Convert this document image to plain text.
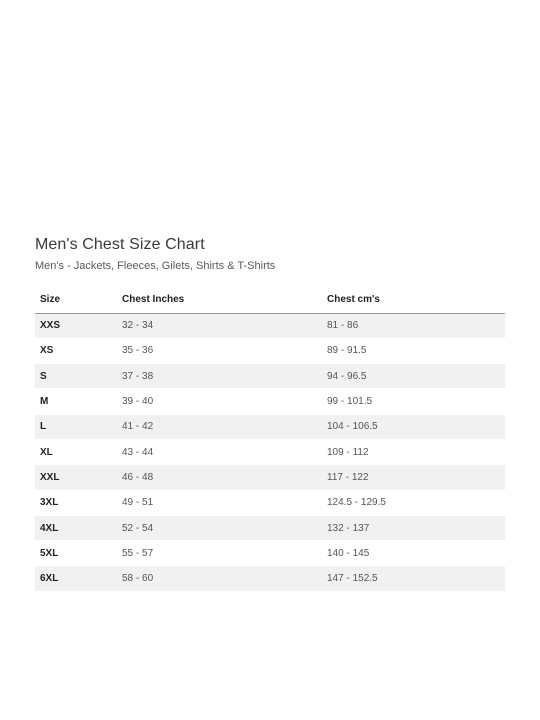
Men's Chest Size Chart
Men's - Jackets, Fleeces, Gilets, Shirts & T-Shirts
Size	Chest Inches	Chest cm's
XXS	32 - 34	81 - 86
XS	35 - 36	89 - 91.5
S	37 - 38	94 - 96.5
M	39 - 40	99 - 101.5
L	41 - 42	104 - 106.5
XL	43 - 44	109 - 112
XXL	46 - 48	117 - 122
3XL	49 - 51	124.5 - 129.5
4XL	52 - 54	132 - 137
5XL	55 - 57	140 - 145
6XL	58 - 60	147 - 152.5
